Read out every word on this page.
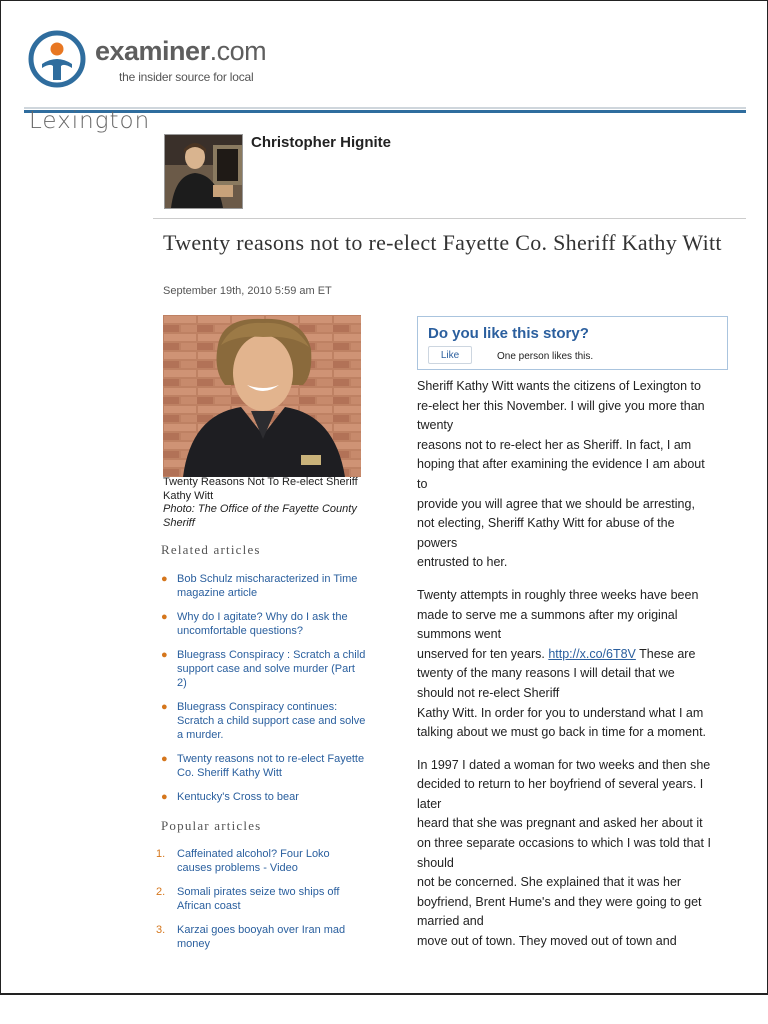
examiner.com
the insider source for local
Lexington
Christopher Hignite
Twenty reasons not to re-elect Fayette Co. Sheriff Kathy Witt
September 19th, 2010 5:59 am ET
Twenty Reasons Not To Re-elect Sheriff Kathy Witt
Photo: The Office of the Fayette County Sheriff
Related articles
● Bob Schulz mischaracterized in Time magazine article
● Why do I agitate? Why do I ask the uncomfortable questions?
● Bluegrass Conspiracy : Scratch a child support case and solve murder (Part 2)
● Bluegrass Conspiracy continues: Scratch a child support case and solve a murder.
● Twenty reasons not to re-elect Fayette Co. Sheriff Kathy Witt
● Kentucky's Cross to bear
Popular articles
1. Caffeinated alcohol? Four Loko causes problems - Video
2. Somali pirates seize two ships off African coast
3. Karzai goes booyah over Iran mad money
Do you like this story?
Like	One person likes this.

Sheriff Kathy Witt wants the citizens of Lexington to
re-elect her this November. I will give you more than
twenty
reasons not to re-elect her as Sheriff. In fact, I am
hoping that after examining the evidence I am about
to
provide you will agree that we should be arresting,
not electing, Sheriff Kathy Witt for abuse of the
powers
entrusted to her.

Twenty attempts in roughly three weeks have been
made to serve me a summons after my original
summons went
unserved for ten years. http://x.co/6T8V These are
twenty of the many reasons I will detail that we
should not re-elect Sheriff
Kathy Witt. In order for you to understand what I am
talking about we must go back in time for a moment.

In 1997 I dated a woman for two weeks and then she
decided to return to her boyfriend of several years. I
later
heard that she was pregnant and asked her about it
on three separate occasions to which I was told that I
should
not be concerned. She explained that it was her
boyfriend, Brent Hume's and they were going to get
married and
move out of town. They moved out of town and
